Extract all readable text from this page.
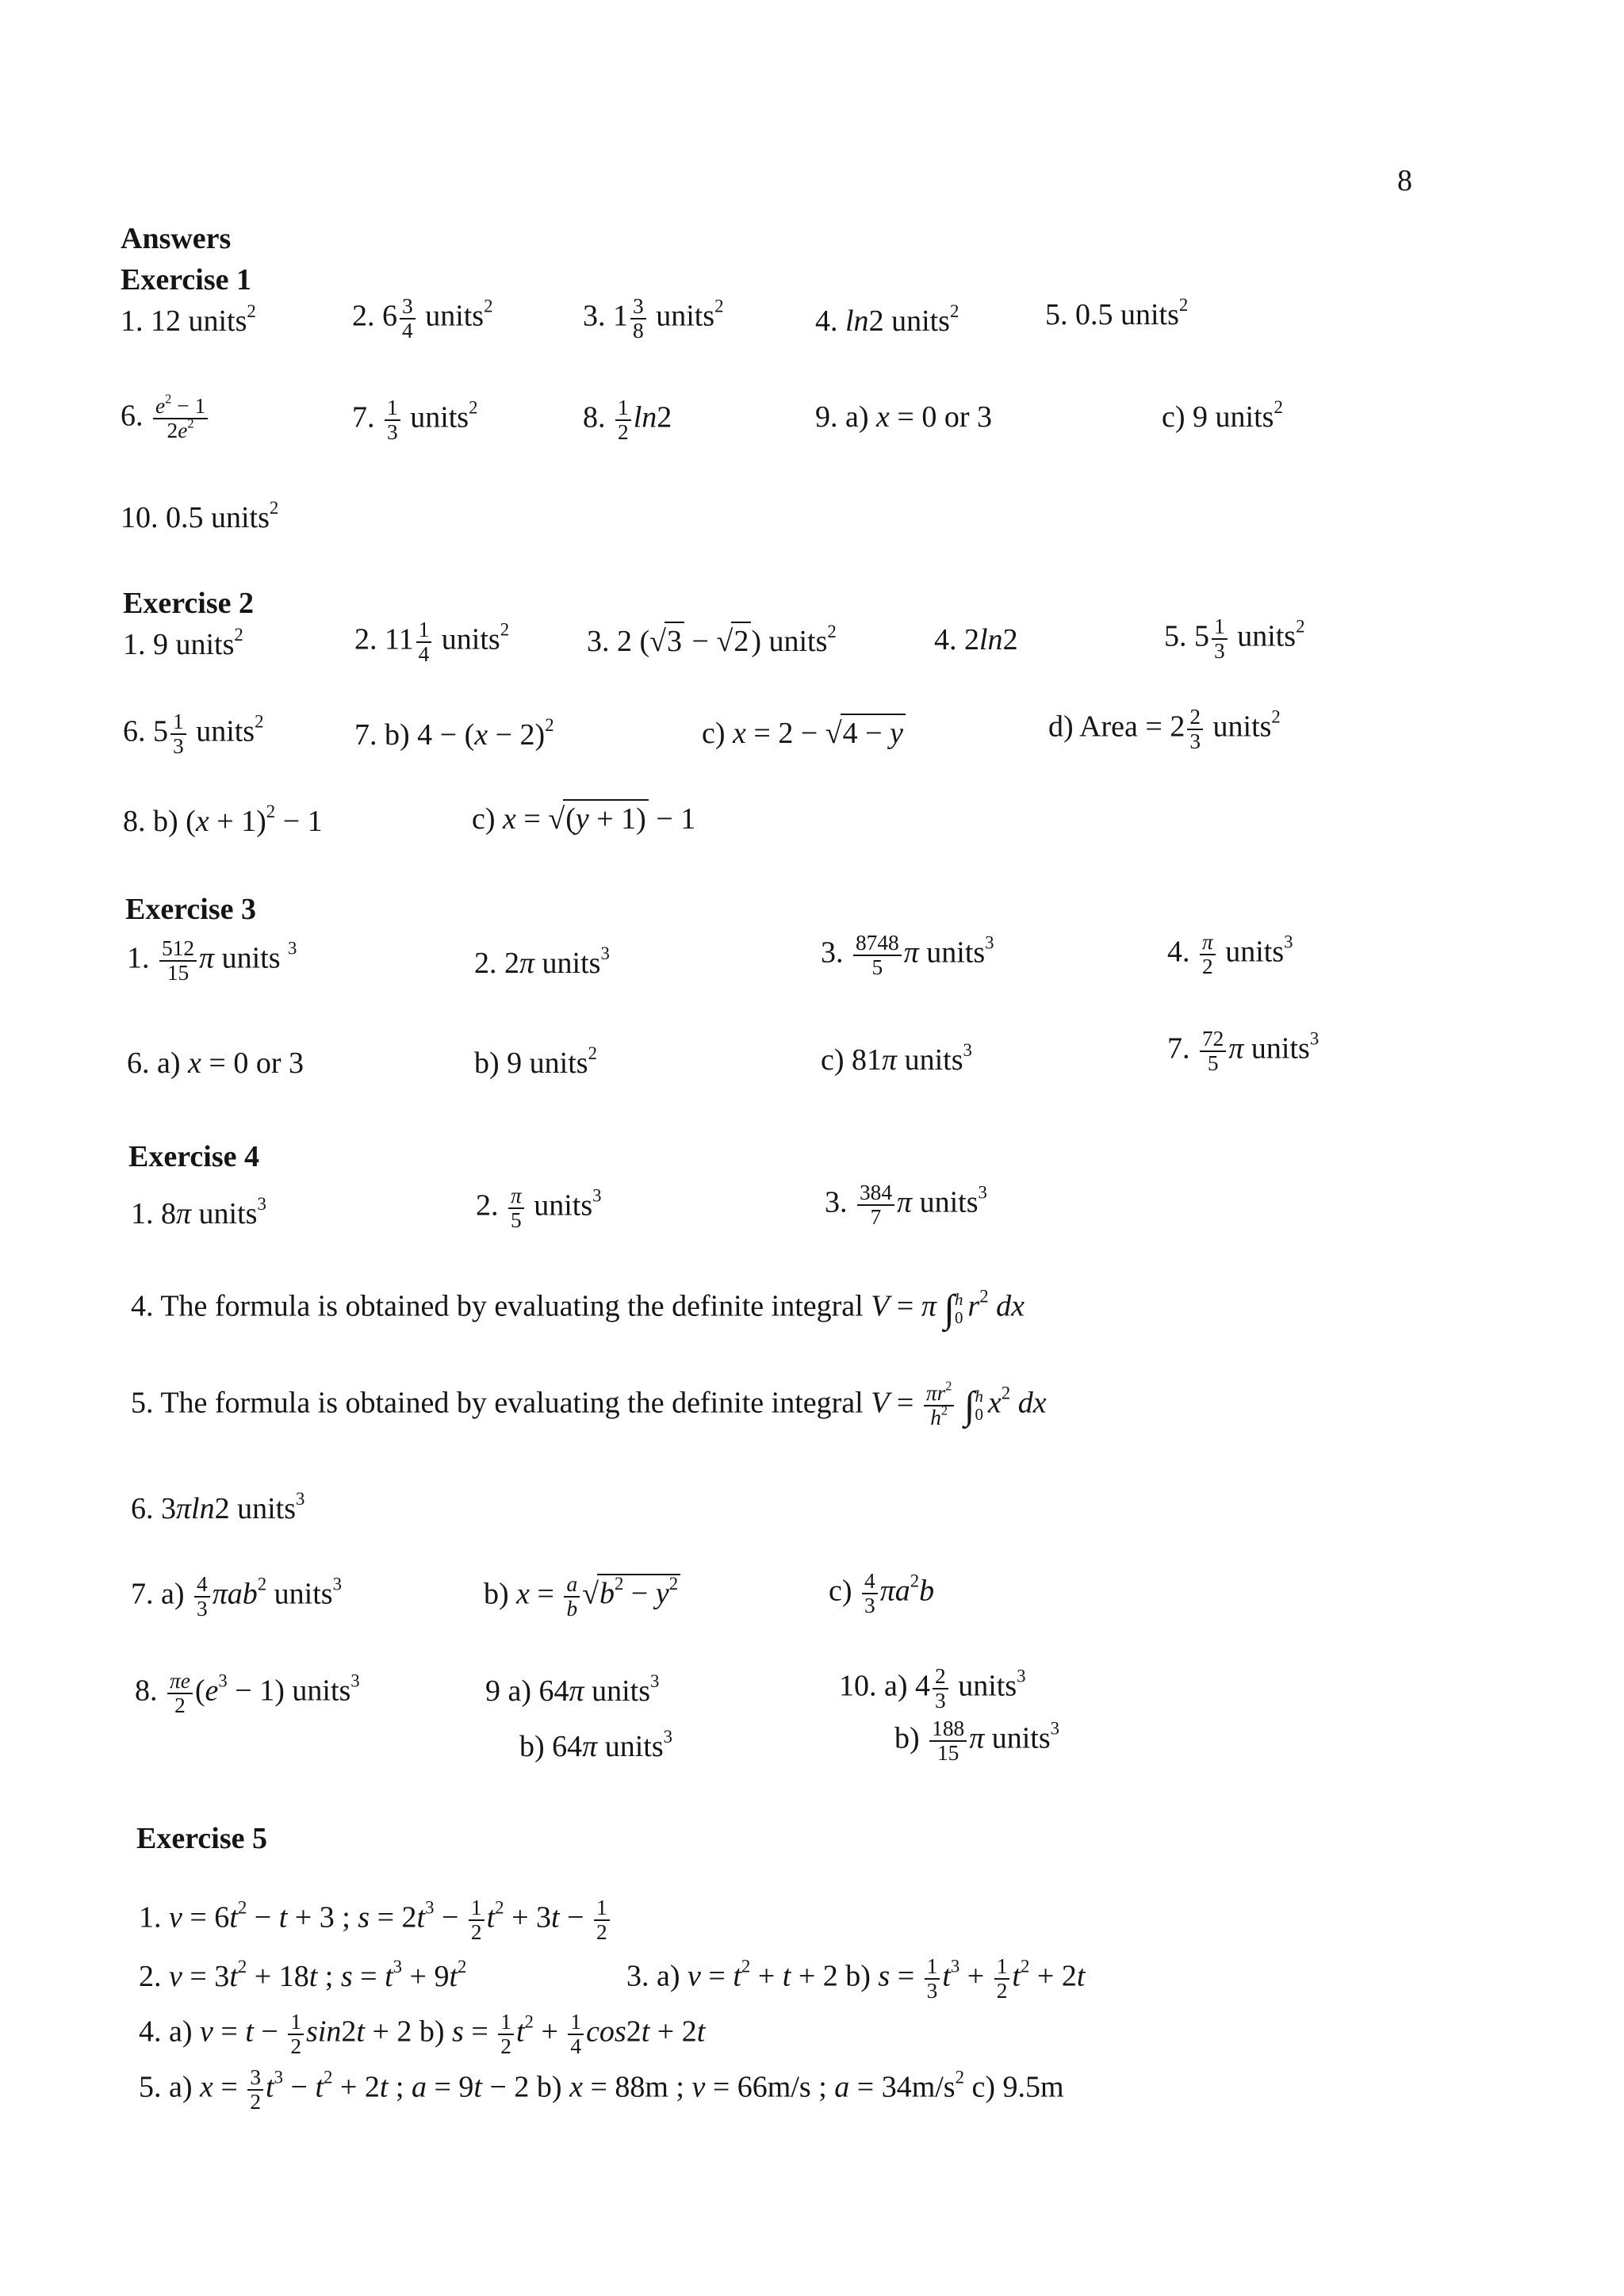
8
Answers
Exercise 1
1. 12 units$^2$	2. $6 \frac{3}{4}$ units$^2$	3. $1 \frac{3}{8}$ units$^2$	4. ln2 units$^2$	5. 0.5 units$^2$
6. $\frac{e^2 - 1}{2e^2}$	7. $\frac{1}{3}$ units$^2$	8. $\frac{1}{2} \ln 2$	9. a) x = 0 or 3	c) 9 units$^2$
10. 0.5 units$^2$
Exercise 2
1. 9 units$^2$	2. $11 \frac{1}{4}$ units$^2$	3. 2 (√3 − √2) units$^2$	4. 2ln2	5. $5 \frac{1}{3}$ units$^2$
6. $5 \frac{1}{3}$ units$^2$	7. b) $4 - (x - 2)^2$	c) x = 2 − √4 − y	d) Area = $2 \frac{2}{3}$ units$^2$
8. b) $(x + 1)^2 - 1$	c) x = √(y + 1) − 1
Exercise 3
1. $\frac{512}{15}$ π units $^3$	2. 2π units$^3$	3. $\frac{8748}{5}$ π units$^3$	4. $\frac{\pi}{2}$ units$^3$
6. a) x = 0 or 3	b) 9 units$^2$	c) 81π units$^3$	7. $\frac{72}{5}$ π units$^3$
Exercise 4
1. 8π units$^3$	2. $\frac{\pi}{5}$ units$^3$	3. $\frac{384}{7}$ π units$^3$
4. The formula is obtained by evaluating the definite integral V = π ∫ h
0 $r^2$ dx
5. The formula is obtained by evaluating the definite integral $V = \frac{\pi r^2}{h^2}$ ∫ h
0 $x^2$ dx
6. 3πln2 units$^3$
7. $a) \frac{4}{3} \pi ab^2$ units$^3$	b) $x = \frac{a}{b} √b^2 - y^2$	$c) \frac{4}{3} \pi a^2b$
8. $\frac{\pi e}{2} (e^3 - 1)$ units$^3$	9 a) 64π units$^3$
b) 64π units$^3$
10. a) $4 \frac{2}{3}$ units$^3$
$b) \frac{188}{15}$ π units$^3$
Exercise 5
1. $v = 6t^2 - t + 3$ ; $s = 2t^3 - \frac{1}{2} t^2 + 3t - \frac{1}{2}$
2. $v = 3t^2 + 18t$ ; $s = t^3 + 9t^2$	3. a) $v = t^2 + t + 2$ b) $s = \frac{1}{3} t^3 + \frac{1}{2} t^2 + 2t$
4. a) $v = t - \frac{1}{2} \sin 2t + 2$ b) $s = \frac{1}{2} t^2 + \frac{1}{4} \cos 2t + 2t$
5. a) $x = \frac{3}{2} t^3 - t^2 + 2t$ ; a = 9t − 2 b) x = 88m ; v = 66m/s ; $a = 34m/s^2$ c) 9.5m
